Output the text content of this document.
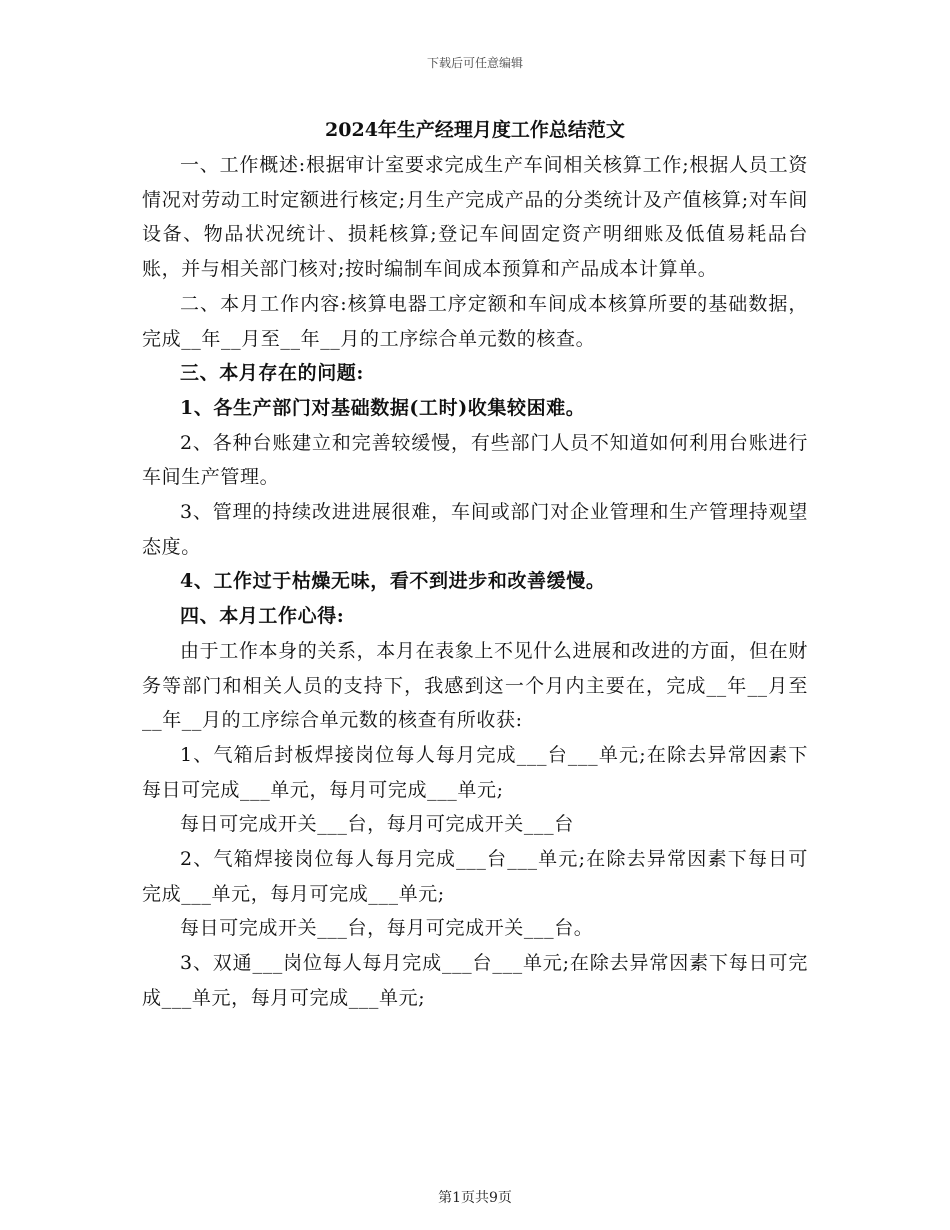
下载后可任意编辑
2024年生产经理月度工作总结范文

一、工作概述:根据审计室要求完成生产车间相关核算工作;根据人员工资情况对劳动工时定额进行核定;月生产完成产品的分类统计及产值核算;对车间设备、物品状况统计、损耗核算;登记车间固定资产明细账及低值易耗品台账，并与相关部门核对;按时编制车间成本预算和产品成本计算单。

二、本月工作内容:核算电器工序定额和车间成本核算所要的基础数据，完成__年__月至__年__月的工序综合单元数的核查。

三、本月存在的问题:

1、各生产部门对基础数据(工时)收集较困难。

2、各种台账建立和完善较缓慢，有些部门人员不知道如何利用台账进行车间生产管理。

3、管理的持续改进进展很难，车间或部门对企业管理和生产管理持观望态度。

4、工作过于枯燥无味，看不到进步和改善缓慢。

四、本月工作心得:

由于工作本身的关系，本月在表象上不见什么进展和改进的方面，但在财务等部门和相关人员的支持下，我感到这一个月内主要在，完成__年__月至__年__月的工序综合单元数的核查有所收获:

1、气箱后封板焊接岗位每人每月完成___台___单元;在除去异常因素下每日可完成___单元，每月可完成___单元;

每日可完成开关___台，每月可完成开关___台

2、气箱焊接岗位每人每月完成___台___单元;在除去异常因素下每日可完成___单元，每月可完成___单元;

每日可完成开关___台，每月可完成开关___台。

3、双通___岗位每人每月完成___台___单元;在除去异常因素下每日可完成___单元，每月可完成___单元;

第1页共9页
